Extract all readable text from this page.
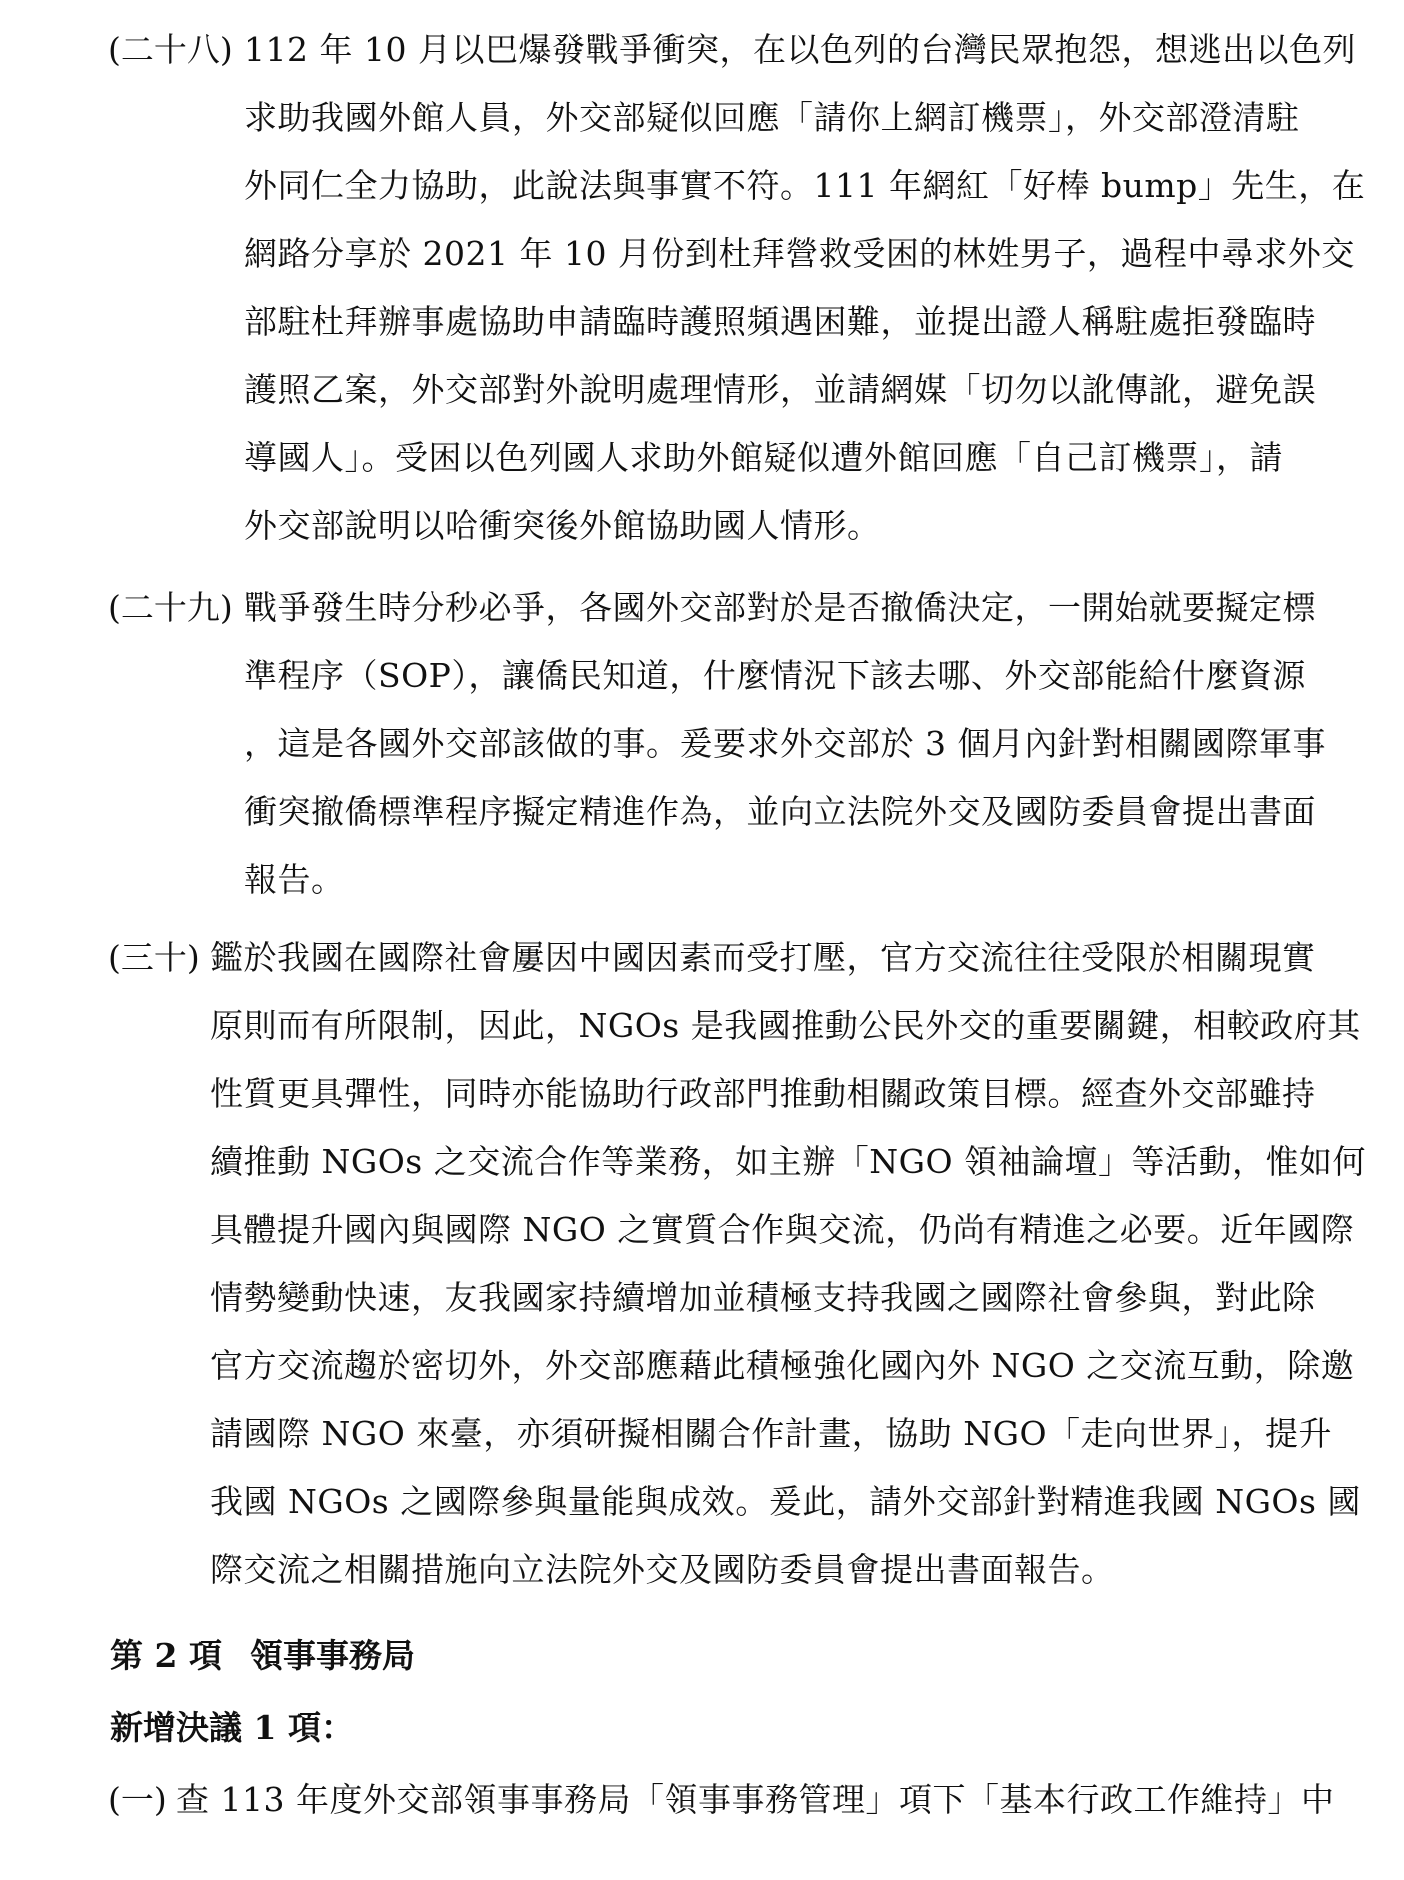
(二十八) 112 年 10 月以巴爆發戰爭衝突，在以色列的台灣民眾抱怨，想逃出以色列
求助我國外館人員，外交部疑似回應「請你上網訂機票」，外交部澄清駐
外同仁全力協助，此說法與事實不符。111 年網紅「好棒 bump」先生，在
網路分享於 2021 年 10 月份到杜拜營救受困的林姓男子，過程中尋求外交
部駐杜拜辦事處協助申請臨時護照頻遇困難，並提出證人稱駐處拒發臨時
護照乙案，外交部對外說明處理情形，並請網媒「切勿以訛傳訛，避免誤
導國人」。受困以色列國人求助外館疑似遭外館回應「自己訂機票」，請
外交部說明以哈衝突後外館協助國人情形。
(二十九) 戰爭發生時分秒必爭，各國外交部對於是否撤僑決定，一開始就要擬定標
準程序（SOP），讓僑民知道，什麼情況下該去哪、外交部能給什麼資源
，這是各國外交部該做的事。爰要求外交部於 3 個月內針對相關國際軍事
衝突撤僑標準程序擬定精進作為，並向立法院外交及國防委員會提出書面
報告。
(三十) 鑑於我國在國際社會屢因中國因素而受打壓，官方交流往往受限於相關現實
原則而有所限制，因此，NGOs 是我國推動公民外交的重要關鍵，相較政府其
性質更具彈性，同時亦能協助行政部門推動相關政策目標。經查外交部雖持
續推動 NGOs 之交流合作等業務，如主辦「NGO 領袖論壇」等活動，惟如何
具體提升國內與國際 NGO 之實質合作與交流，仍尚有精進之必要。近年國際
情勢變動快速，友我國家持續增加並積極支持我國之國際社會參與，對此除
官方交流趨於密切外，外交部應藉此積極強化國內外 NGO 之交流互動，除邀
請國際 NGO 來臺，亦須研擬相關合作計畫，協助 NGO「走向世界」，提升
我國 NGOs 之國際參與量能與成效。爰此，請外交部針對精進我國 NGOs 國
際交流之相關措施向立法院外交及國防委員會提出書面報告。
第 2 項 領事事務局
新增決議 1 項：
(一) 查 113 年度外交部領事事務局「領事事務管理」項下「基本行政工作維持」中
